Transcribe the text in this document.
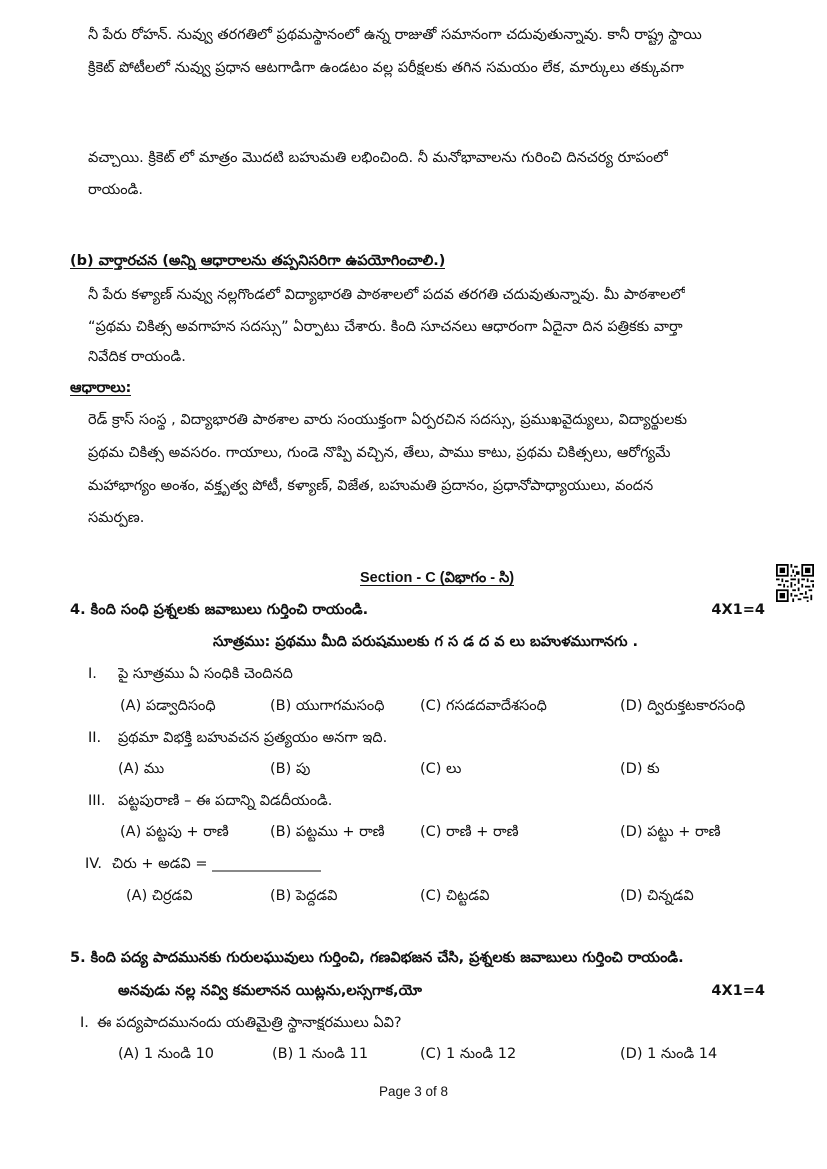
నీ పేరు రోహన్. నువ్వు తరగతిలో ప్రథమస్థానంలో ఉన్న రాజుతో సమానంగా చదువుతున్నావు. కానీ రాష్ట్ర స్థాయి
క్రికెట్ పోటీలలో నువ్వు ప్రధాన ఆటగాడిగా ఉండటం వల్ల పరీక్షలకు తగిన సమయం లేక, మార్కులు తక్కువగా
వచ్చాయి. క్రికెట్ లో మాత్రం మొదటి బహుమతి లభించింది. నీ మనోభావాలను గురించి దినచర్య రూపంలో
రాయండి.
(b) వార్తారచన (అన్ని ఆధారాలను తప్పనిసరిగా ఉపయోగించాలి.)
నీ పేరు కళ్యాణ్ నువ్వు నల్లగొండలో విద్యాభారతి పాఠశాలలో పదవ తరగతి చదువుతున్నావు. మీ పాఠశాలలో
“ప్రథమ చికిత్స అవగాహన సదస్సు” ఏర్పాటు చేశారు. కింది సూచనలు ఆధారంగా ఏదైనా దిన పత్రికకు వార్తా
నివేదిక రాయండి.
ఆధారాలు:
రెడ్ క్రాస్ సంస్థ , విద్యాభారతి పాఠశాల వారు సంయుక్తంగా ఏర్పరచిన సదస్సు, ప్రముఖవైద్యులు, విద్యార్థులకు
ప్రథమ చికిత్స అవసరం. గాయాలు, గుండె నొప్పి వచ్చిన, తేలు, పాము కాటు, ప్రథమ చికిత్సలు, ఆరోగ్యమే
మహాభాగ్యం అంశం, వక్తృత్వ పోటీ, కళ్యాణ్, విజేత, బహుమతి ప్రదానం, ప్రధానోపాధ్యాయులు, వందన
సమర్పణ.
Section - C (విభాగం - సి)
4. కింది సంధి ప్రశ్నలకు జవాబులు గుర్తించి రాయండి.	4X1=4
సూత్రము: ప్రథము మీది పరుషములకు గ స డ ద వ లు బహుళముగానగు .
I. పై సూత్రము ఏ సంధికి చెందినది
(A) పడ్వాదిసంధి	(B) యుగాగమసంధి (C) గసడదవాదేశసంధి	(D) ద్విరుక్తటకారసంధి
II. ప్రథమా విభక్తి బహువచన ప్రత్యయం అనగా ఇది.
(A) ము	(B) పు	(C) లు	(D) కు
III. పట్టపురాణి – ఈ పదాన్ని విడదీయండి.
(A) పట్టపు + రాణి	(B) పట్టము + రాణి (C) రాణి + రాణి	(D) పట్టు + రాణి
IV. చిరు + అడవి = _______________
(A) చిర్రడవి	(B) పెద్దడవి	(C) చిట్టడవి	(D) చిన్నడవి
5. కింది పద్య పాదమునకు గురులఘువులు గుర్తించి, గణవిభజన చేసి, ప్రశ్నలకు జవాబులు గుర్తించి రాయండి.
అనవుడు నల్ల నవ్వి కమలానన యిట్లను,లస్సగాక,యో	4X1=4
I. ఈ పద్యపాదమునందు యతిమైత్రి స్థానాక్షరములు ఏవి?
(A) 1 నుండి 10	(B) 1 నుండి 11	(C) 1 నుండి 12	(D) 1 నుండి 14
Page 3 of 8
